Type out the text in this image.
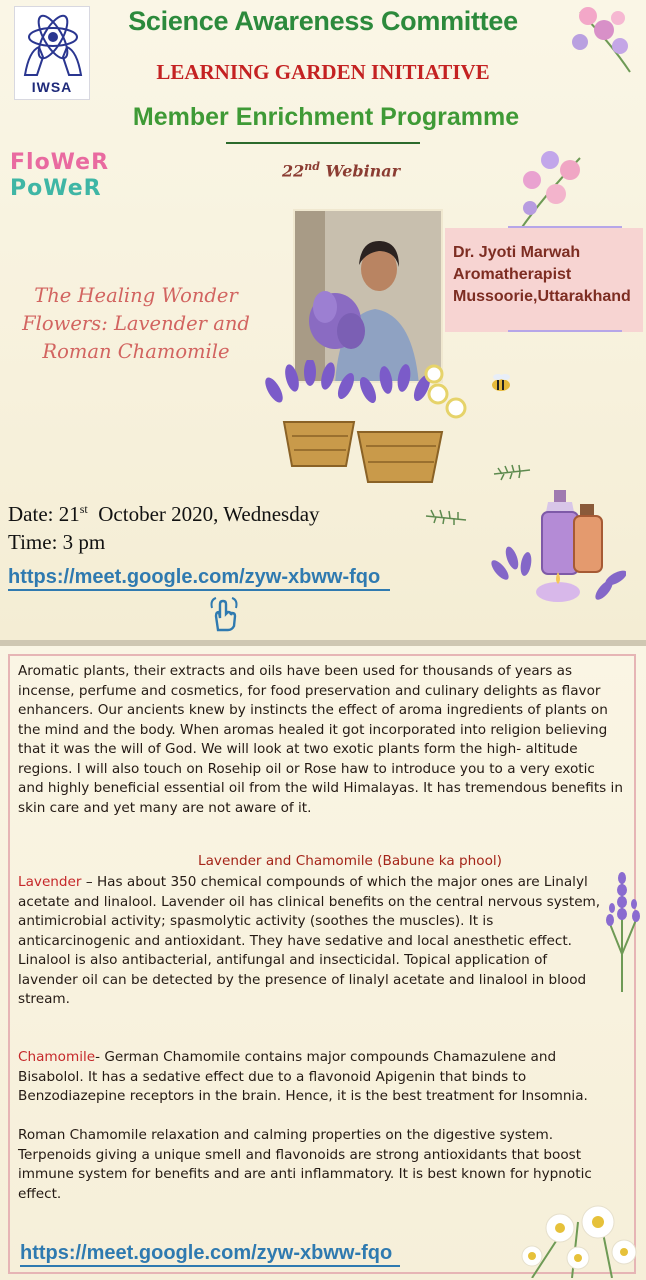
IWSA
Science Awareness Committee
LEARNING GARDEN INITIATIVE
Member Enrichment Programme
22nd Webinar
FloWeR
PoWeR
The Healing Wonder Flowers: Lavender and Roman Chamomile
Dr. Jyoti Marwah
Aromatherapist
Mussoorie,Uttarakhand
Date: 21st  October 2020, Wednesday
Time: 3 pm
https://meet.google.com/zyw-xbww-fqo
Aromatic plants, their extracts and oils have been used for thousands of years as incense, perfume and cosmetics, for food preservation and culinary delights as flavor enhancers. Our ancients knew by instincts the effect of aroma ingredients of plants on the mind and the body. When aromas healed it got incorporated into religion believing that it was the will of God. We will look at two exotic plants form the high- altitude regions. I will also touch on Rosehip oil or Rose haw to introduce you to a very exotic and highly beneficial essential oil from the wild Himalayas. It has tremendous benefits in skin care and yet many are not aware of it.
Lavender and Chamomile (Babune ka phool)
Lavender – Has about 350 chemical compounds of which the major ones are Linalyl acetate and linalool. Lavender oil has clinical benefits on the central nervous system, antimicrobial activity; spasmolytic activity (soothes the muscles). It is anticarcinogenic and antioxidant. They have sedative and local anesthetic effect. Linalool is also antibacterial, antifungal and insecticidal. Topical application of lavender oil can be detected by the presence of linalyl acetate and linalool in blood stream.
Chamomile- German Chamomile contains major compounds Chamazulene and Bisabolol. It has a sedative effect due to a flavonoid Apigenin that binds to Benzodiazepine receptors in the brain. Hence, it is the best treatment for Insomnia.
Roman Chamomile relaxation and calming properties on the digestive system. Terpenoids giving a unique smell and flavonoids are strong antioxidants that boost immune system for benefits and are anti inflammatory. It is best known for hypnotic effect.
https://meet.google.com/zyw-xbww-fqo
